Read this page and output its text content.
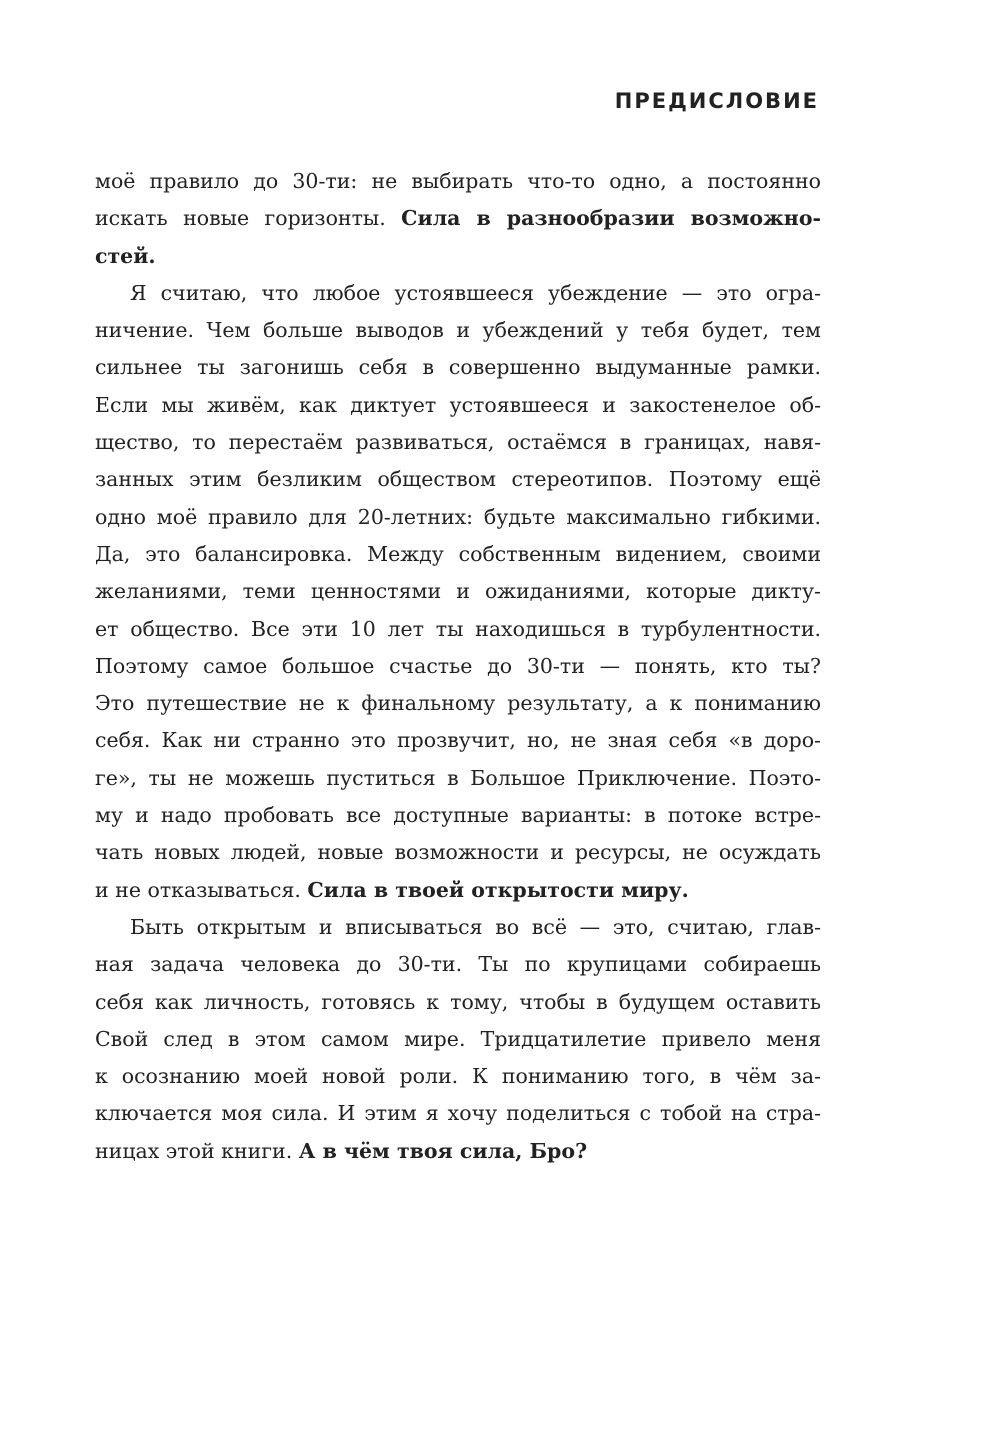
ПРЕДИСЛОВИЕ
моё правило до 30-ти: не выбирать что-то одно, а постоянно
искать новые горизонты. Сила в разнообразии возможно-
стей.
Я считаю, что любое устоявшееся убеждение — это огра-
ничение. Чем больше выводов и убеждений у тебя будет, тем
сильнее ты загонишь себя в совершенно выдуманные рамки.
Если мы живём, как диктует устоявшееся и закостенелое об-
щество, то перестаём развиваться, остаёмся в границах, навя-
занных этим безликим обществом стереотипов. Поэтому ещё
одно моё правило для 20-летних: будьте максимально гибкими.
Да, это балансировка. Между собственным видением, своими
желаниями, теми ценностями и ожиданиями, которые дикту-
ет общество. Все эти 10 лет ты находишься в турбулентности.
Поэтому самое большое счастье до 30-ти — понять, кто ты?
Это путешествие не к финальному результату, а к пониманию
себя. Как ни странно это прозвучит, но, не зная себя «в доро-
ге», ты не можешь пуститься в Большое Приключение. Поэто-
му и надо пробовать все доступные варианты: в потоке встре-
чать новых людей, новые возможности и ресурсы, не осуждать
и не отказываться. Сила в твоей открытости миру.
Быть открытым и вписываться во всё — это, считаю, глав-
ная задача человека до 30-ти. Ты по крупицами собираешь
себя как личность, готовясь к тому, чтобы в будущем оставить
Свой след в этом самом мире. Тридцатилетие привело меня
к осознанию моей новой роли. К пониманию того, в чём за-
ключается моя сила. И этим я хочу поделиться с тобой на стра-
ницах этой книги. А в чём твоя сила, Бро?
